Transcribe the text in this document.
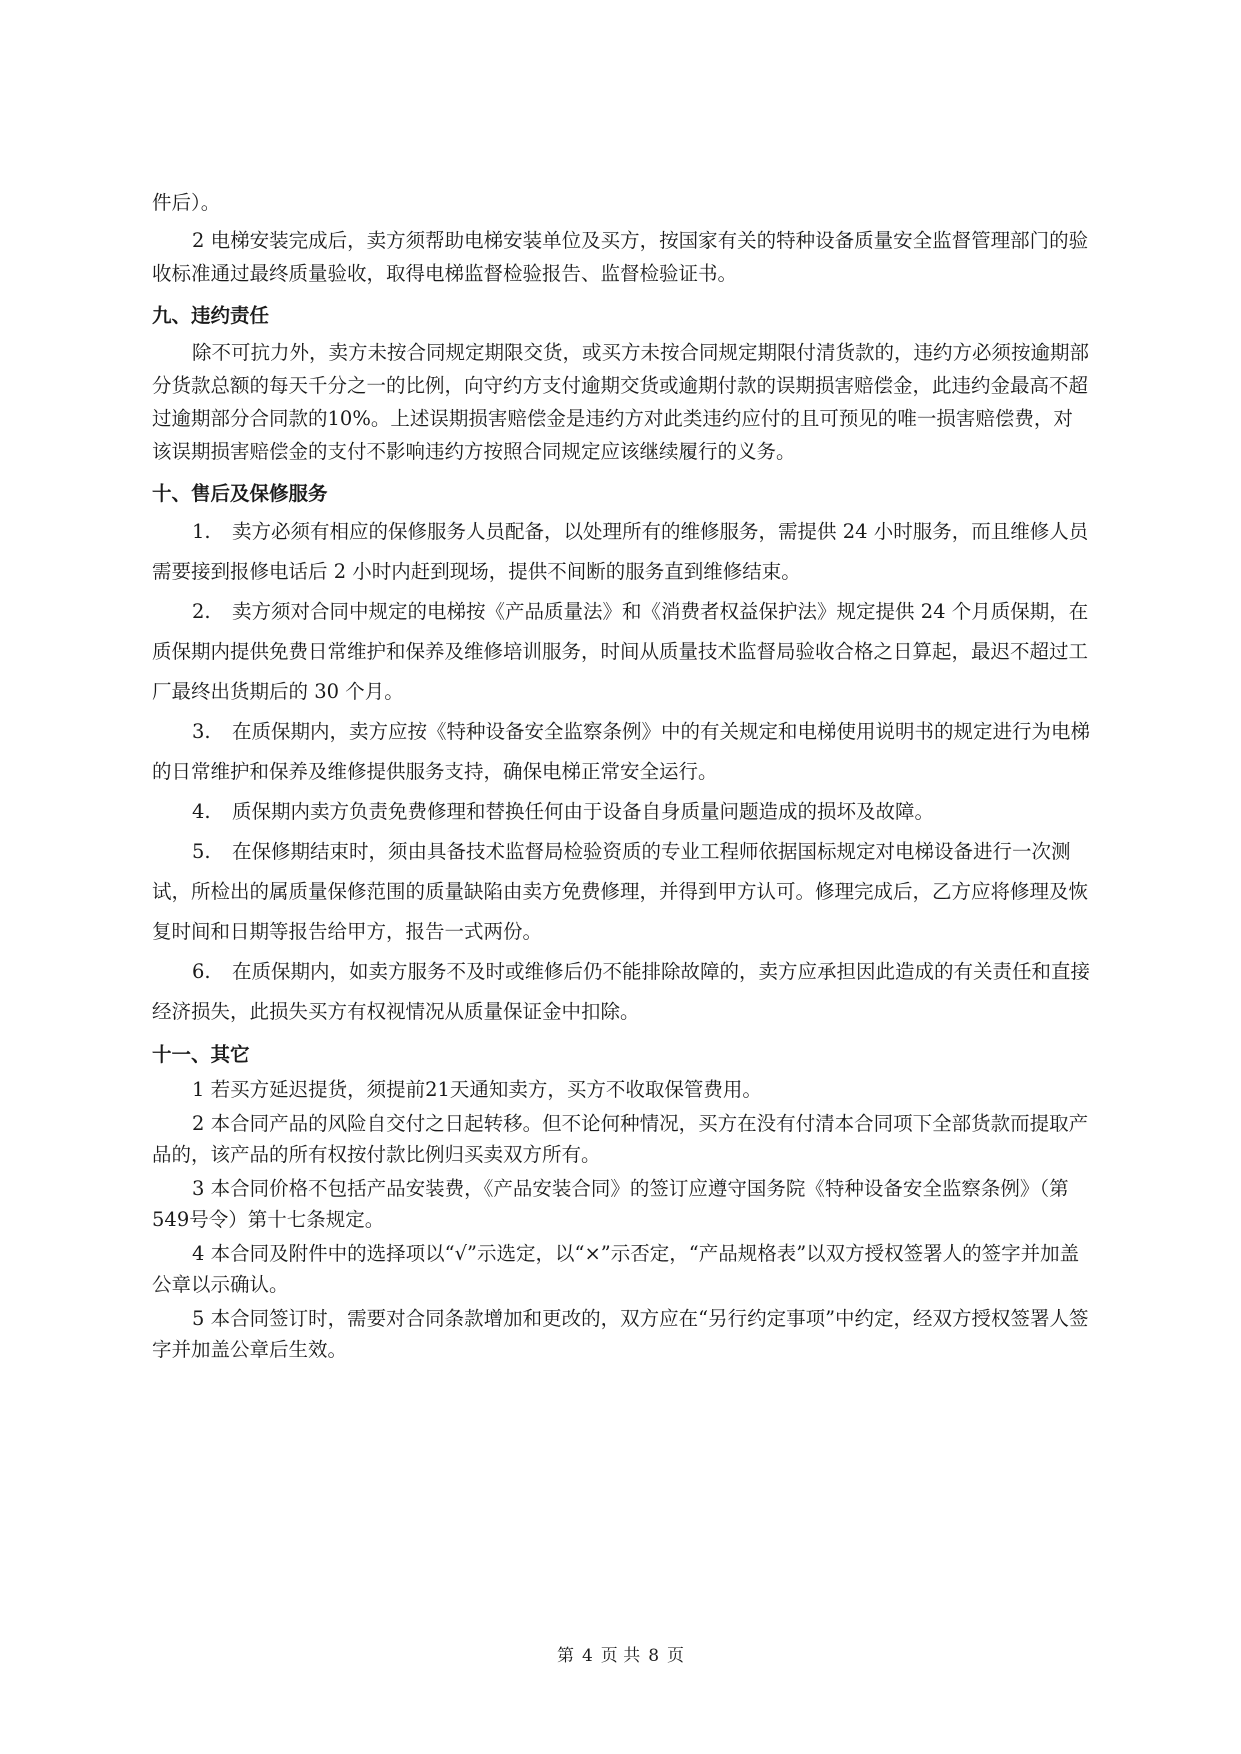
件后）。

2 电梯安装完成后，卖方须帮助电梯安装单位及买方，按国家有关的特种设备质量安全监督管理部门的验收标准通过最终质量验收，取得电梯监督检验报告、监督检验证书。

九、违约责任

除不可抗力外，卖方未按合同规定期限交货，或买方未按合同规定期限付清货款的，违约方必须按逾期部分货款总额的每天千分之一的比例，向守约方支付逾期交货或逾期付款的误期损害赔偿金，此违约金最高不超过逾期部分合同款的10%。上述误期损害赔偿金是违约方对此类违约应付的且可预见的唯一损害赔偿费，对该误期损害赔偿金的支付不影响违约方按照合同规定应该继续履行的义务。

十、售后及保修服务

1. 卖方必须有相应的保修服务人员配备，以处理所有的维修服务，需提供 24 小时服务，而且维修人员需要接到报修电话后 2 小时内赶到现场，提供不间断的服务直到维修结束。

2. 卖方须对合同中规定的电梯按《产品质量法》和《消费者权益保护法》规定提供 24 个月质保期，在质保期内提供免费日常维护和保养及维修培训服务，时间从质量技术监督局验收合格之日算起，最迟不超过工厂最终出货期后的 30 个月。

3. 在质保期内，卖方应按《特种设备安全监察条例》中的有关规定和电梯使用说明书的规定进行为电梯的日常维护和保养及维修提供服务支持，确保电梯正常安全运行。

4. 质保期内卖方负责免费修理和替换任何由于设备自身质量问题造成的损坏及故障。

5. 在保修期结束时，须由具备技术监督局检验资质的专业工程师依据国标规定对电梯设备进行一次测试，所检出的属质量保修范围的质量缺陷由卖方免费修理，并得到甲方认可。修理完成后，乙方应将修理及恢复时间和日期等报告给甲方，报告一式两份。

6. 在质保期内，如卖方服务不及时或维修后仍不能排除故障的，卖方应承担因此造成的有关责任和直接经济损失，此损失买方有权视情况从质量保证金中扣除。

十一、其它

1 若买方延迟提货，须提前21天通知卖方，买方不收取保管费用。

2 本合同产品的风险自交付之日起转移。但不论何种情况，买方在没有付清本合同项下全部货款而提取产品的，该产品的所有权按付款比例归买卖双方所有。

3 本合同价格不包括产品安装费，《产品安装合同》的签订应遵守国务院《特种设备安全监察条例》（第549号令）第十七条规定。

4 本合同及附件中的选择项以“√”示选定，以“×”示否定，“产品规格表”以双方授权签署人的签字并加盖公章以示确认。

5 本合同签订时，需要对合同条款增加和更改的，双方应在“另行约定事项”中约定，经双方授权签署人签字并加盖公章后生效。

第 4 页 共 8 页
